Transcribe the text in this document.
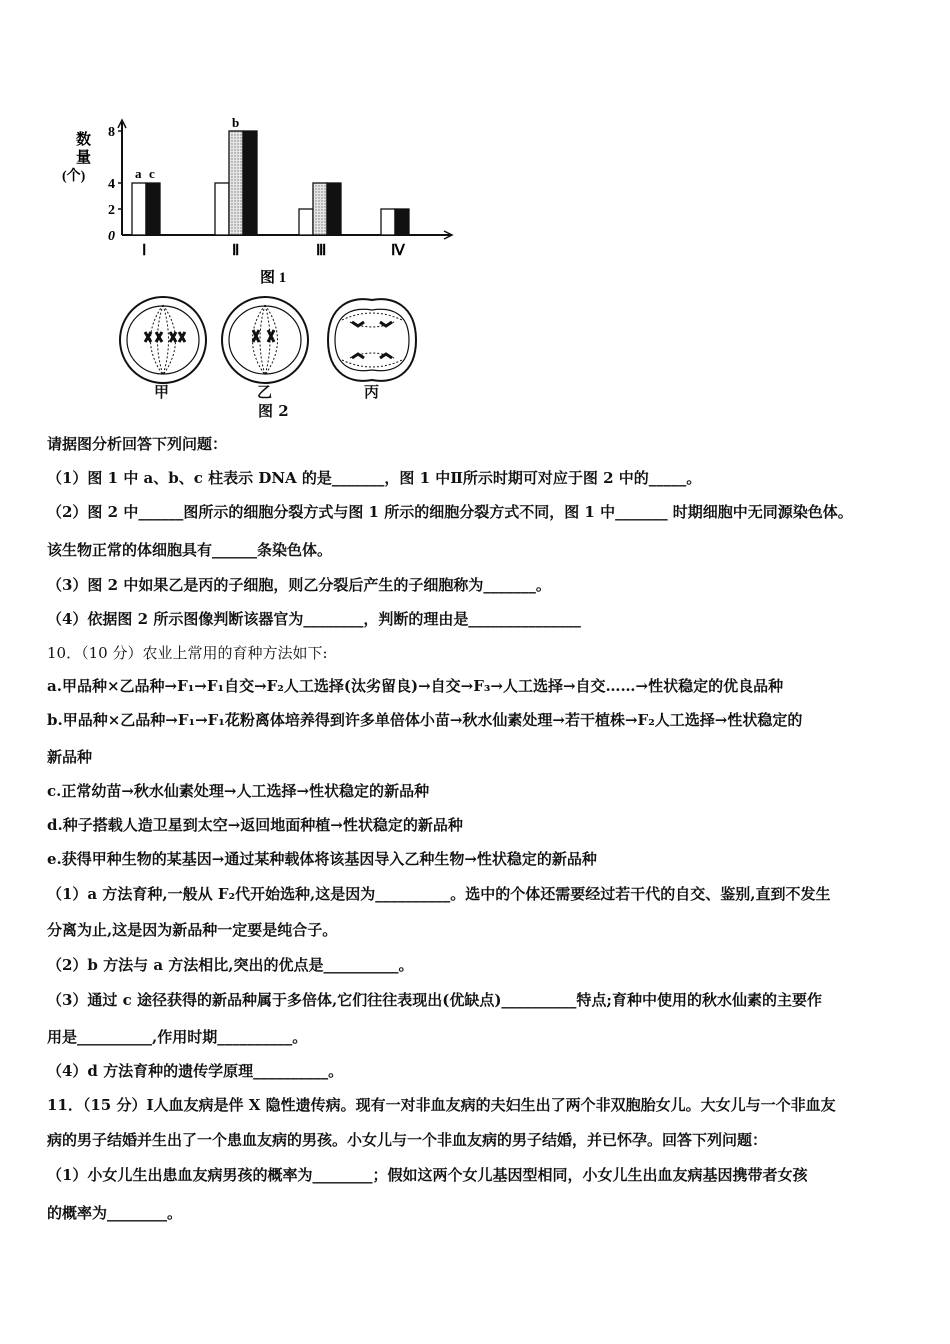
数
量
(个)
0
2
4
8
a c
b
Ⅰ	Ⅱ	Ⅲ	Ⅳ
图 1
甲	乙	丙
图 2
请据图分析回答下列问题：
（1）图 1 中 a、b、c 柱表示 DNA 的是_______，图 1 中Ⅱ所示时期可对应于图 2 中的_____。
（2）图 2 中______图所示的细胞分裂方式与图 1 所示的细胞分裂方式不同，图 1 中_______ 时期细胞中无同源染色体。
该生物正常的体细胞具有______条染色体。
（3）图 2 中如果乙是丙的子细胞，则乙分裂后产生的子细胞称为_______。
（4）依据图 2 所示图像判断该器官为________，判断的理由是_______________
10．（10 分）农业上常用的育种方法如下:
a.甲品种×乙品种→F₁→F₁自交→F₂人工选择(汰劣留良)→自交→F₃→人工选择→自交……→性状稳定的优良品种
b.甲品种×乙品种→F₁→F₁花粉离体培养得到许多单倍体小苗→秋水仙素处理→若干植株→F₂人工选择→性状稳定的
新品种
c.正常幼苗→秋水仙素处理→人工选择→性状稳定的新品种
d.种子搭载人造卫星到太空→返回地面种植→性状稳定的新品种
e.获得甲种生物的某基因→通过某种载体将该基因导入乙种生物→性状稳定的新品种
（1）a 方法育种,一般从 F₂代开始选种,这是因为__________。选中的个体还需要经过若干代的自交、鉴别,直到不发生
分离为止,这是因为新品种一定要是纯合子。
（2）b 方法与 a 方法相比,突出的优点是__________。
（3）通过 c 途径获得的新品种属于多倍体,它们往往表现出(优缺点)__________特点;育种中使用的秋水仙素的主要作
用是__________,作用时期__________。
（4）d 方法育种的遗传学原理__________。
11．（15 分）Ⅰ人血友病是伴 X 隐性遗传病。现有一对非血友病的夫妇生出了两个非双胞胎女儿。大女儿与一个非血友
病的男子结婚并生出了一个患血友病的男孩。小女儿与一个非血友病的男子结婚，并已怀孕。回答下列问题：
（1）小女儿生出患血友病男孩的概率为________；假如这两个女儿基因型相同，小女儿生出血友病基因携带者女孩
的概率为________。
